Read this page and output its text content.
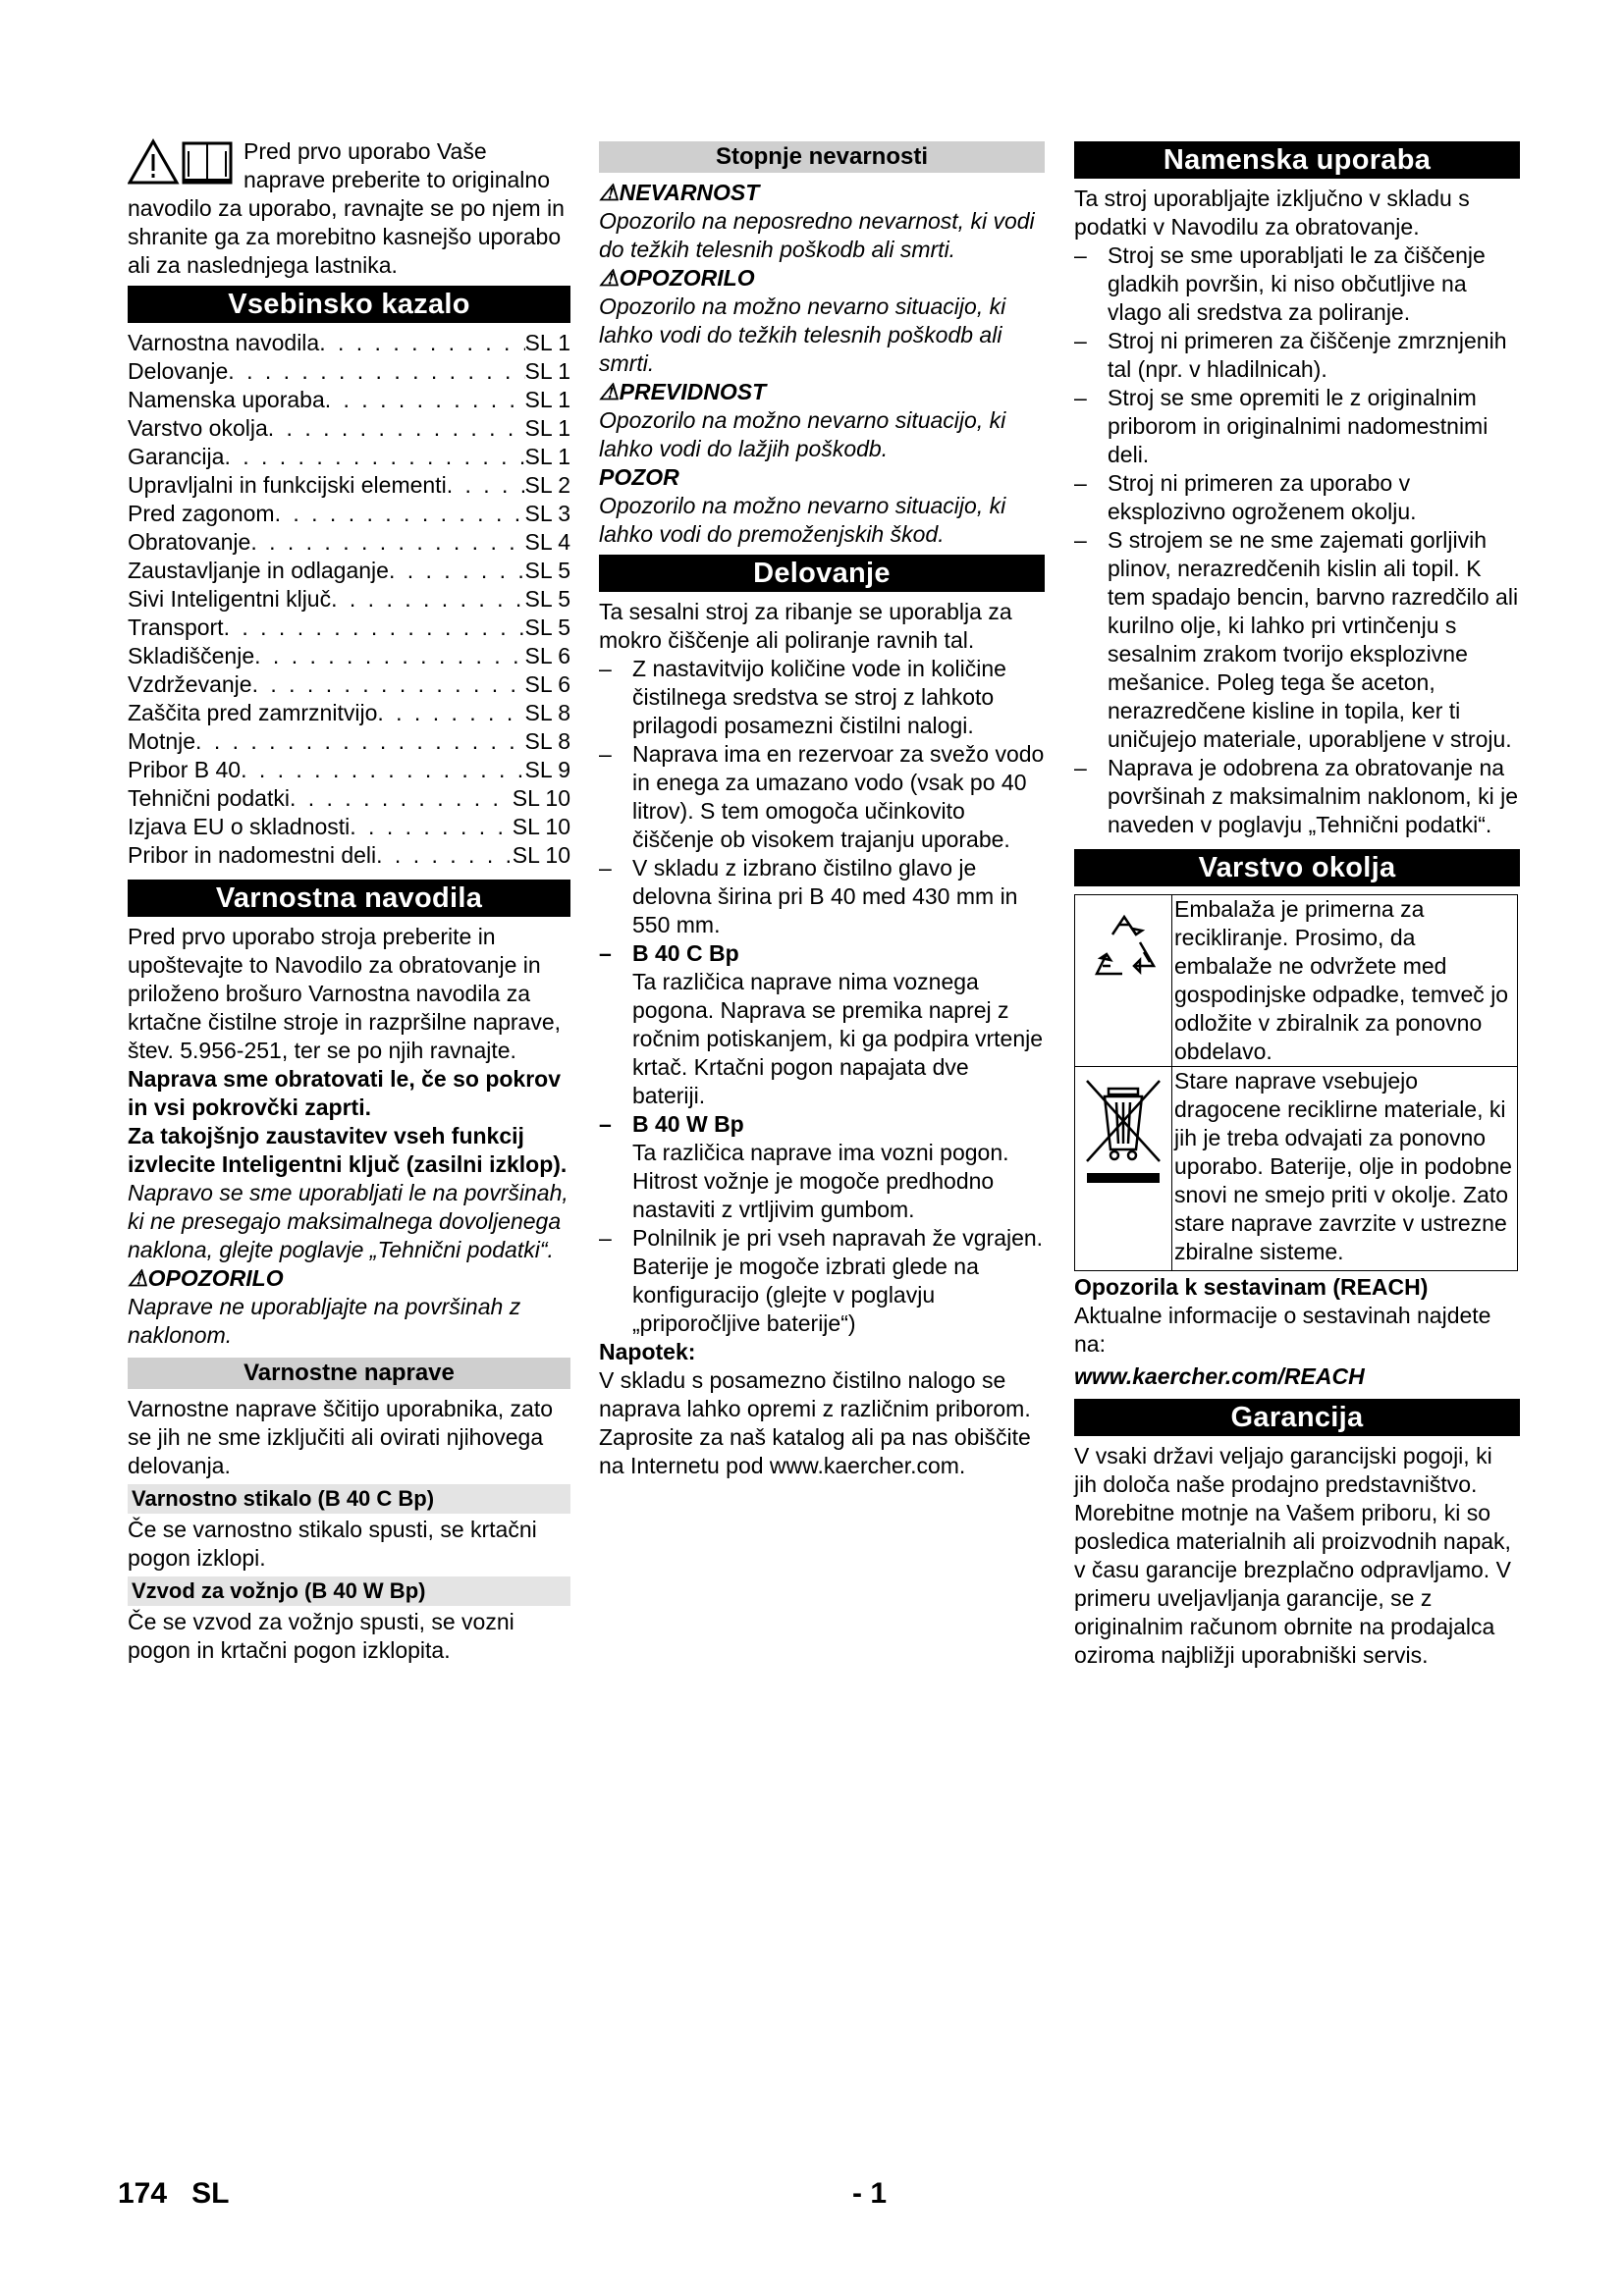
Pred prvo uporabo Vaše naprave preberite to originalno navodilo za uporabo, ravnajte se po njem in shranite ga za morebitno kasnejšo uporabo ali za naslednjega lastnika.

Vsebinsko kazalo
Varnostna navodila . . .	SL 1
Delovanje . . .	SL 1
Namenska uporaba . . .	SL 1
Varstvo okolja . . .	SL 1
Garancija . . .	SL 1
Upravljalni in funkcijski elementi . . .	SL 2
Pred zagonom . . .	SL 3
Obratovanje . . .	SL 4
Zaustavljanje in odlaganje . . .	SL 5
Sivi Inteligentni ključ . . .	SL 5
Transport . . .	SL 5
Skladiščenje . . .	SL 6
Vzdrževanje . . .	SL 6
Zaščita pred zamrznitvijo . . .	SL 8
Motnje . . .	SL 8
Pribor B 40 . . .	SL 9
Tehnični podatki . . .	SL 10
Izjava EU o skladnosti . . .	SL 10
Pribor in nadomestni deli . . .	SL 10
Varnostna navodila

Pred prvo uporabo stroja preberite in upoštevajte to Navodilo za obratovanje in priloženo brošuro Varnostna navodila za krtačne čistilne stroje in razpršilne naprave, štev. 5.956-251, ter se po njih ravnajte.

Naprava sme obratovati le, če so pokrov in vsi pokrovčki zaprti.

Za takojšnjo zaustavitev vseh funkcij izvlecite Inteligentni ključ (zasilni izklop).

Napravo se sme uporabljati le na površinah, ki ne presegajo maksimalnega dovoljenega naklona, glejte poglavje „Tehnični podatki“.

⚠OPOZORILO

Naprave ne uporabljajte na površinah z naklonom.

Varnostne naprave

Varnostne naprave ščitijo uporabnika, zato se jih ne sme izključiti ali ovirati njihovega delovanja.

Varnostno stikalo (B 40 C Bp)

Če se varnostno stikalo spusti, se krtačni pogon izklopi.

Vzvod za vožnjo (B 40 W Bp)

Če se vzvod za vožnjo spusti, se vozni pogon in krtačni pogon izklopita.

Stopnje nevarnosti

⚠NEVARNOST

Opozorilo na neposredno nevarnost, ki vodi do težkih telesnih poškodb ali smrti.

⚠OPOZORILO

Opozorilo na možno nevarno situacijo, ki lahko vodi do težkih telesnih poškodb ali smrti.

⚠PREVIDNOST

Opozorilo na možno nevarno situacijo, ki lahko vodi do lažjih poškodb.

POZOR

Opozorilo na možno nevarno situacijo, ki lahko vodi do premoženjskih škod.

Delovanje

Ta sesalni stroj za ribanje se uporablja za mokro čiščenje ali poliranje ravnih tal.

– Z nastavitvijo količine vode in količine čistilnega sredstva se stroj z lahkoto prilagodi posamezni čistilni nalogi.
– Naprava ima en rezervoar za svežo vodo in enega za umazano vodo (vsak po 40 litrov). S tem omogoča učinkovito čiščenje ob visokem trajanju uporabe.
– V skladu z izbrano čistilno glavo je delovna širina pri B 40 med 430 mm in 550 mm.
– B 40 C Bp

Ta različica naprave nima voznega pogona. Naprava se premika naprej z ročnim potiskanjem, ki ga podpira vrtenje krtač. Krtačni pogon napajata dve bateriji.

– B 40 W Bp

Ta različica naprave ima vozni pogon. Hitrost vožnje je mogoče predhodno nastaviti z vrtljivim gumbom.

– Polnilnik je pri vseh napravah že vgrajen. Baterije je mogoče izbrati glede na konfiguracijo (glejte v poglavju „priporočljive baterije“)

Napotek:

V skladu s posamezno čistilno nalogo se naprava lahko opremi z različnim priborom. Zaprosite za naš katalog ali pa nas obiščite na Internetu pod www.kaercher.com.

Namenska uporaba

Ta stroj uporabljajte izključno v skladu s podatki v Navodilu za obratovanje.

– Stroj se sme uporabljati le za čiščenje gladkih površin, ki niso občutljive na vlago ali sredstva za poliranje.
– Stroj ni primeren za čiščenje zmrznjenih tal (npr. v hladilnicah).
– Stroj se sme opremiti le z originalnim priborom in originalnimi nadomestnimi deli.
– Stroj ni primeren za uporabo v eksplozivno ogroženem okolju.
– S strojem se ne sme zajemati gorljivih plinov, nerazredčenih kislin ali topil. K tem spadajo bencin, barvno razredčilo ali kurilno olje, ki lahko pri vrtinčenju s sesalnim zrakom tvorijo eksplozivne mešanice. Poleg tega še aceton, nerazredčene kisline in topila, ker ti uničujejo materiale, uporabljene v stroju.
– Naprava je odobrena za obratovanje na površinah z maksimalnim naklonom, ki je naveden v poglavju „Tehnični podatki“.
Varstvo okolja
	Embalaža je primerna za recikliranje. Prosimo, da embalaže ne odvržete med gospodinjske odpadke, temveč jo odložite v zbiralnik za ponovno obdelavo.
	Stare naprave vsebujejo dragocene reciklirne materiale, ki jih je treba odvajati za ponovno uporabo. Baterije, olje in podobne snovi ne smejo priti v okolje. Zato stare naprave zavrzite v ustrezne zbiralne sisteme.

Opozorila k sestavinam (REACH)

Aktualne informacije o sestavinah najdete na:

www.kaercher.com/REACH

Garancija

V vsaki državi veljajo garancijski pogoji, ki jih določa naše prodajno predstavništvo. Morebitne motnje na Vašem priboru, ki so posledica materialnih ali proizvodnih napak, v času garancije brezplačno odpravljamo. V primeru uveljavljanja garancije, se z originalnim računom obrnite na prodajalca oziroma najbližji uporabniški servis.

174 SL	- 1
